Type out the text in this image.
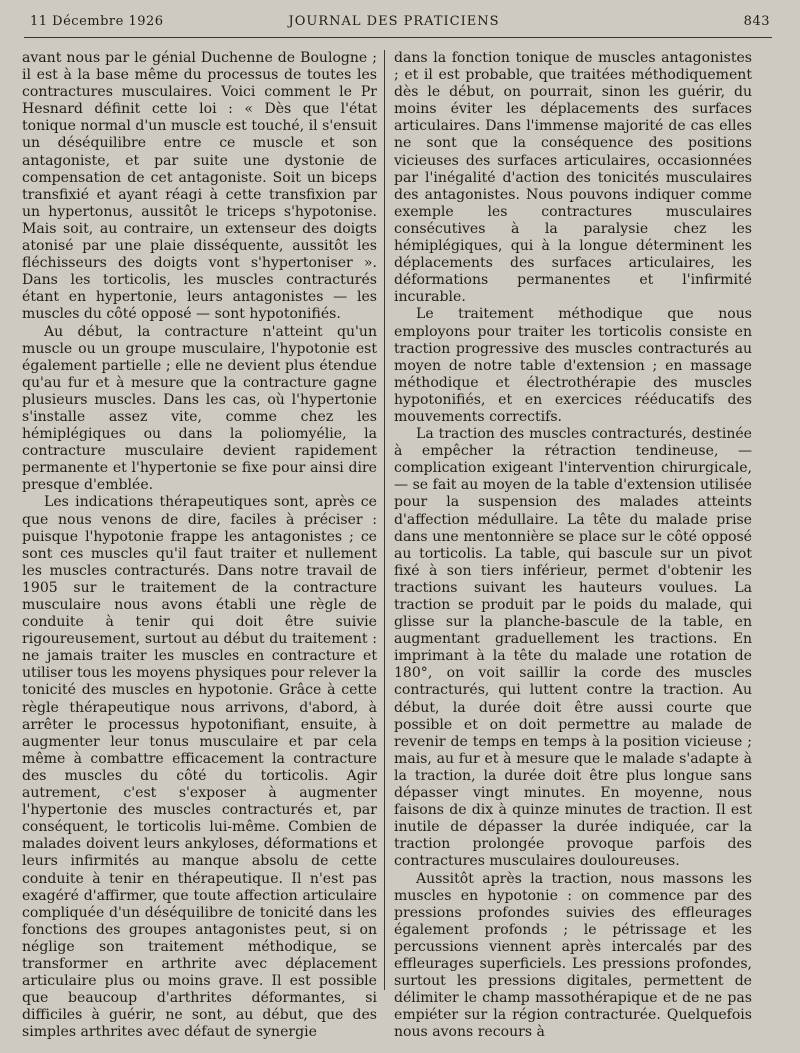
11 Décembre 1926	JOURNAL DES PRATICIENS	843

avant nous par le génial Duchenne de Boulogne ; il est à la base même du processus de toutes les contractures musculaires. Voici comment le Pr Hesnard définit cette loi : « Dès que l'état tonique normal d'un muscle est touché, il s'ensuit un déséquilibre entre ce muscle et son antagoniste, et par suite une dystonie de compensation de cet antagoniste. Soit un biceps transfixié et ayant réagi à cette transfixion par un hypertonus, aussitôt le triceps s'hypotonise. Mais soit, au contraire, un extenseur des doigts atonisé par une plaie disséquente, aussitôt les fléchisseurs des doigts vont s'hypertoniser ». Dans les torticolis, les muscles contracturés étant en hypertonie, leurs antagonistes — les muscles du côté opposé — sont hypotonifiés.

Au début, la contracture n'atteint qu'un muscle ou un groupe musculaire, l'hypotonie est également partielle ; elle ne devient plus étendue qu'au fur et à mesure que la contracture gagne plusieurs muscles. Dans les cas, où l'hypertonie s'installe assez vite, comme chez les hémiplégiques ou dans la poliomyélie, la contracture musculaire devient rapidement permanente et l'hypertonie se fixe pour ainsi dire presque d'emblée.

Les indications thérapeutiques sont, après ce que nous venons de dire, faciles à préciser : puisque l'hypotonie frappe les antagonistes ; ce sont ces muscles qu'il faut traiter et nullement les muscles contracturés. Dans notre travail de 1905 sur le traitement de la contracture musculaire nous avons établi une règle de conduite à tenir qui doit être suivie rigoureusement, surtout au début du traitement : ne jamais traiter les muscles en contracture et utiliser tous les moyens physiques pour relever la tonicité des muscles en hypotonie. Grâce à cette règle thérapeutique nous arrivons, d'abord, à arrêter le processus hypotonifiant, ensuite, à augmenter leur tonus musculaire et par cela même à combattre efficacement la contracture des muscles du côté du torticolis. Agir autrement, c'est s'exposer à augmenter l'hypertonie des muscles contracturés et, par conséquent, le torticolis lui-même. Combien de malades doivent leurs ankyloses, déformations et leurs infirmités au manque absolu de cette conduite à tenir en thérapeutique. Il n'est pas exagéré d'affirmer, que toute affection articulaire compliquée d'un déséquilibre de tonicité dans les fonctions des groupes antagonistes peut, si on néglige son traitement méthodique, se transformer en arthrite avec déplacement articulaire plus ou moins grave. Il est possible que beaucoup d'arthrites déformantes, si difficiles à guérir, ne sont, au début, que des simples arthrites avec défaut de synergie

dans la fonction tonique de muscles antagonistes ; et il est probable, que traitées méthodiquement dès le début, on pourrait, sinon les guérir, du moins éviter les déplacements des surfaces articulaires. Dans l'immense majorité de cas elles ne sont que la conséquence des positions vicieuses des surfaces articulaires, occasionnées par l'inégalité d'action des tonicités musculaires des antagonistes. Nous pouvons indiquer comme exemple les contractures musculaires consécutives à la paralysie chez les hémiplégiques, qui à la longue déterminent les déplacements des surfaces articulaires, les déformations permanentes et l'infirmité incurable.

Le traitement méthodique que nous employons pour traiter les torticolis consiste en traction progressive des muscles contracturés au moyen de notre table d'extension ; en massage méthodique et électrothérapie des muscles hypotonifiés, et en exercices rééducatifs des mouvements correctifs.

La traction des muscles contracturés, destinée à empêcher la rétraction tendineuse, — complication exigeant l'intervention chirurgicale, — se fait au moyen de la table d'extension utilisée pour la suspension des malades atteints d'affection médullaire. La tête du malade prise dans une mentonnière se place sur le côté opposé au torticolis. La table, qui bascule sur un pivot fixé à son tiers inférieur, permet d'obtenir les tractions suivant les hauteurs voulues. La traction se produit par le poids du malade, qui glisse sur la planche-bascule de la table, en augmentant graduellement les tractions. En imprimant à la tête du malade une rotation de 180°, on voit saillir la corde des muscles contracturés, qui luttent contre la traction. Au début, la durée doit être aussi courte que possible et on doit permettre au malade de revenir de temps en temps à la position vicieuse ; mais, au fur et à mesure que le malade s'adapte à la traction, la durée doit être plus longue sans dépasser vingt minutes. En moyenne, nous faisons de dix à quinze minutes de traction. Il est inutile de dépasser la durée indiquée, car la traction prolongée provoque parfois des contractures musculaires douloureuses.

Aussitôt après la traction, nous massons les muscles en hypotonie : on commence par des pressions profondes suivies des effleurages également profonds ; le pétrissage et les percussions viennent après intercalés par des effleurages superficiels. Les pressions profondes, surtout les pressions digitales, permettent de délimiter le champ massothérapique et de ne pas empiéter sur la région contracturée. Quelquefois nous avons recours à
